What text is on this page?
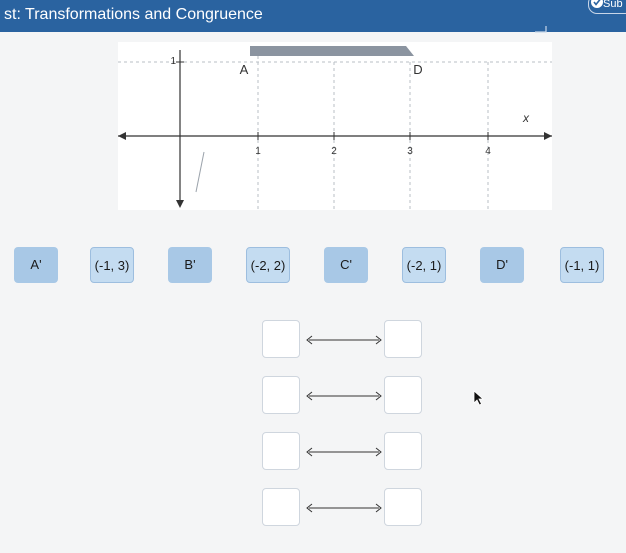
st: Transformations and Congruence
Sub
1
A	D
x
1	2	3	4
A'	(-1, 3)	B'	(-2, 2)	C'	(-2, 1)	D'	(-1, 1)
